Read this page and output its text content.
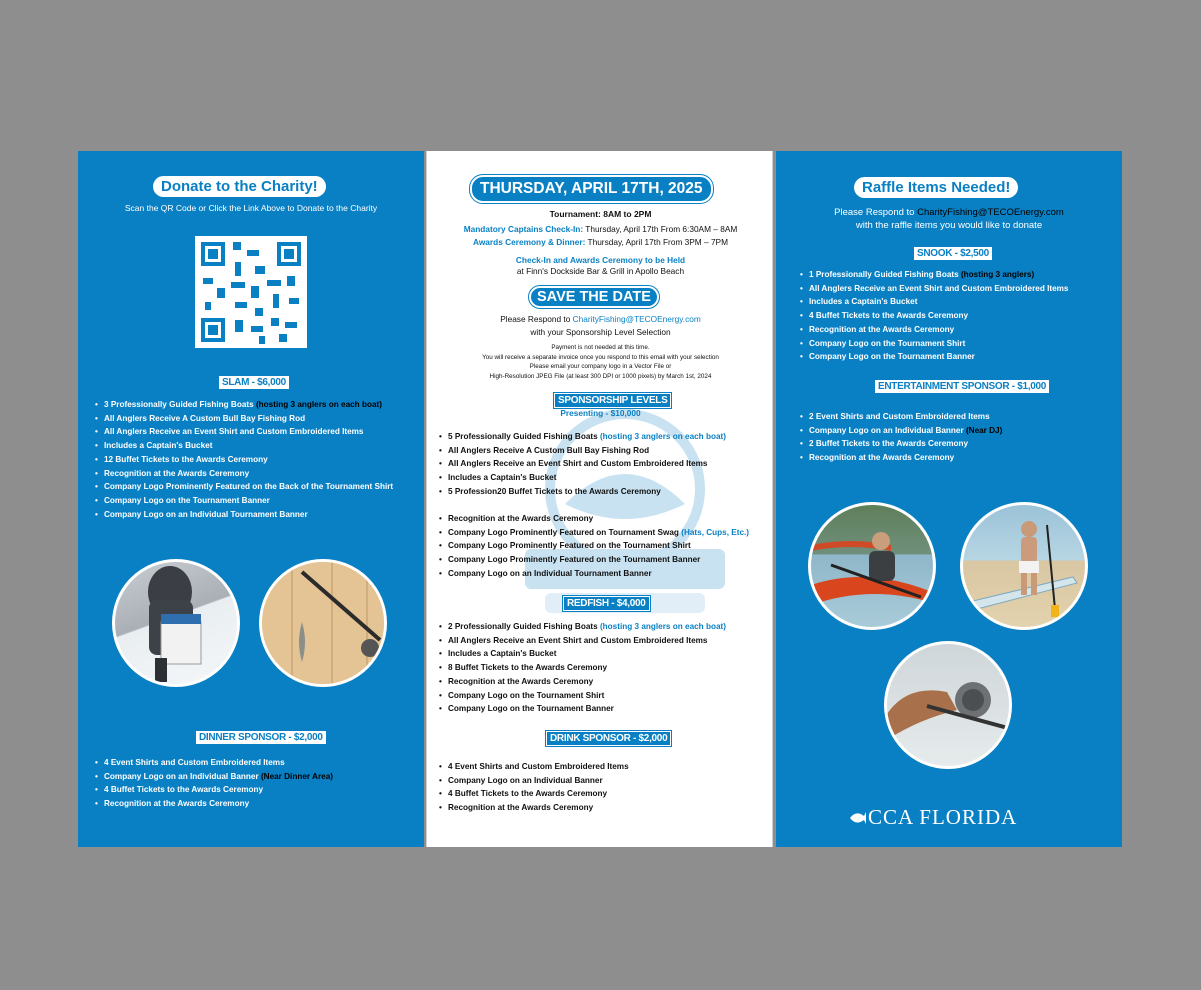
Donate to the Charity!
Scan the QR Code or Click the Link Above to Donate to the Charity
SLAM - $6,000
• 3 Professionally Guided Fishing Boats (hosting 3 anglers on each boat)
• All Anglers Receive A Custom Bull Bay Fishing Rod
• All Anglers Receive an Event Shirt and Custom Embroidered Items
• Includes a Captain's Bucket
• 12 Buffet Tickets to the Awards Ceremony
• Recognition at the Awards Ceremony
• Company Logo Prominently Featured on the Back of the Tournament Shirt
• Company Logo on the Tournament Banner
• Company Logo on an Individual Tournament Banner
DINNER SPONSOR - $2,000
• 4 Event Shirts and Custom Embroidered Items
• Company Logo on an Individual Banner (Near Dinner Area)
• 4 Buffet Tickets to the Awards Ceremony
• Recognition at the Awards Ceremony
THURSDAY, APRIL 17TH, 2025
Tournament: 8AM to 2PM
Mandatory Captains Check-In: Thursday, April 17th From 6:30AM – 8AM
Awards Ceremony & Dinner: Thursday, April 17th From 3PM – 7PM
Check-In and Awards Ceremony to be Held
at Finn's Dockside Bar & Grill in Apollo Beach
SAVE THE DATE
Please Respond to CharityFishing@TECOEnergy.com
with your Sponsorship Level Selection
Payment is not needed at this time.
You will receive a separate invoice once you respond to this email with your selection
Please email your company logo in a Vector File or
High-Resolution JPEG File (at least 300 DPI or 1000 pixels) by March 1st, 2024
SPONSORSHIP LEVELS
Presenting - $10,000
• 5 Professionally Guided Fishing Boats (hosting 3 anglers on each boat)
• All Anglers Receive A Custom Bull Bay Fishing Rod
• All Anglers Receive an Event Shirt and Custom Embroidered Items
• Includes a Captain's Bucket
• 5 Profession20 Buffet Tickets to the Awards Ceremony
• Recognition at the Awards Ceremony
• Company Logo Prominently Featured on Tournament Swag (Hats, Cups, Etc.)
• Company Logo Prominently Featured on the Tournament Shirt
• Company Logo Prominently Featured on the Tournament Banner
• Company Logo on an Individual Tournament Banner
REDFISH - $4,000
• 2 Professionally Guided Fishing Boats (hosting 3 anglers on each boat)
• All Anglers Receive an Event Shirt and Custom Embroidered Items
• Includes a Captain's Bucket
• 8 Buffet Tickets to the Awards Ceremony
• Recognition at the Awards Ceremony
• Company Logo on the Tournament Shirt
• Company Logo on the Tournament Banner
DRINK SPONSOR - $2,000
• 4 Event Shirts and Custom Embroidered Items
• Company Logo on an Individual Banner
• 4 Buffet Tickets to the Awards Ceremony
• Recognition at the Awards Ceremony
Raffle Items Needed!
Please Respond to CharityFishing@TECOEnergy.com
with the raffle items you would like to donate
SNOOK - $2,500
• 1 Professionally Guided Fishing Boats (hosting 3 anglers)
• All Anglers Receive an Event Shirt and Custom Embroidered Items
• Includes a Captain's Bucket
• 4 Buffet Tickets to the Awards Ceremony
• Recognition at the Awards Ceremony
• Company Logo on the Tournament Shirt
• Company Logo on the Tournament Banner
ENTERTAINMENT SPONSOR - $1,000
• 2 Event Shirts and Custom Embroidered Items
• Company Logo on an Individual Banner (Near DJ)
• 2 Buffet Tickets to the Awards Ceremony
• Recognition at the Awards Ceremony
CCA FLORIDA
